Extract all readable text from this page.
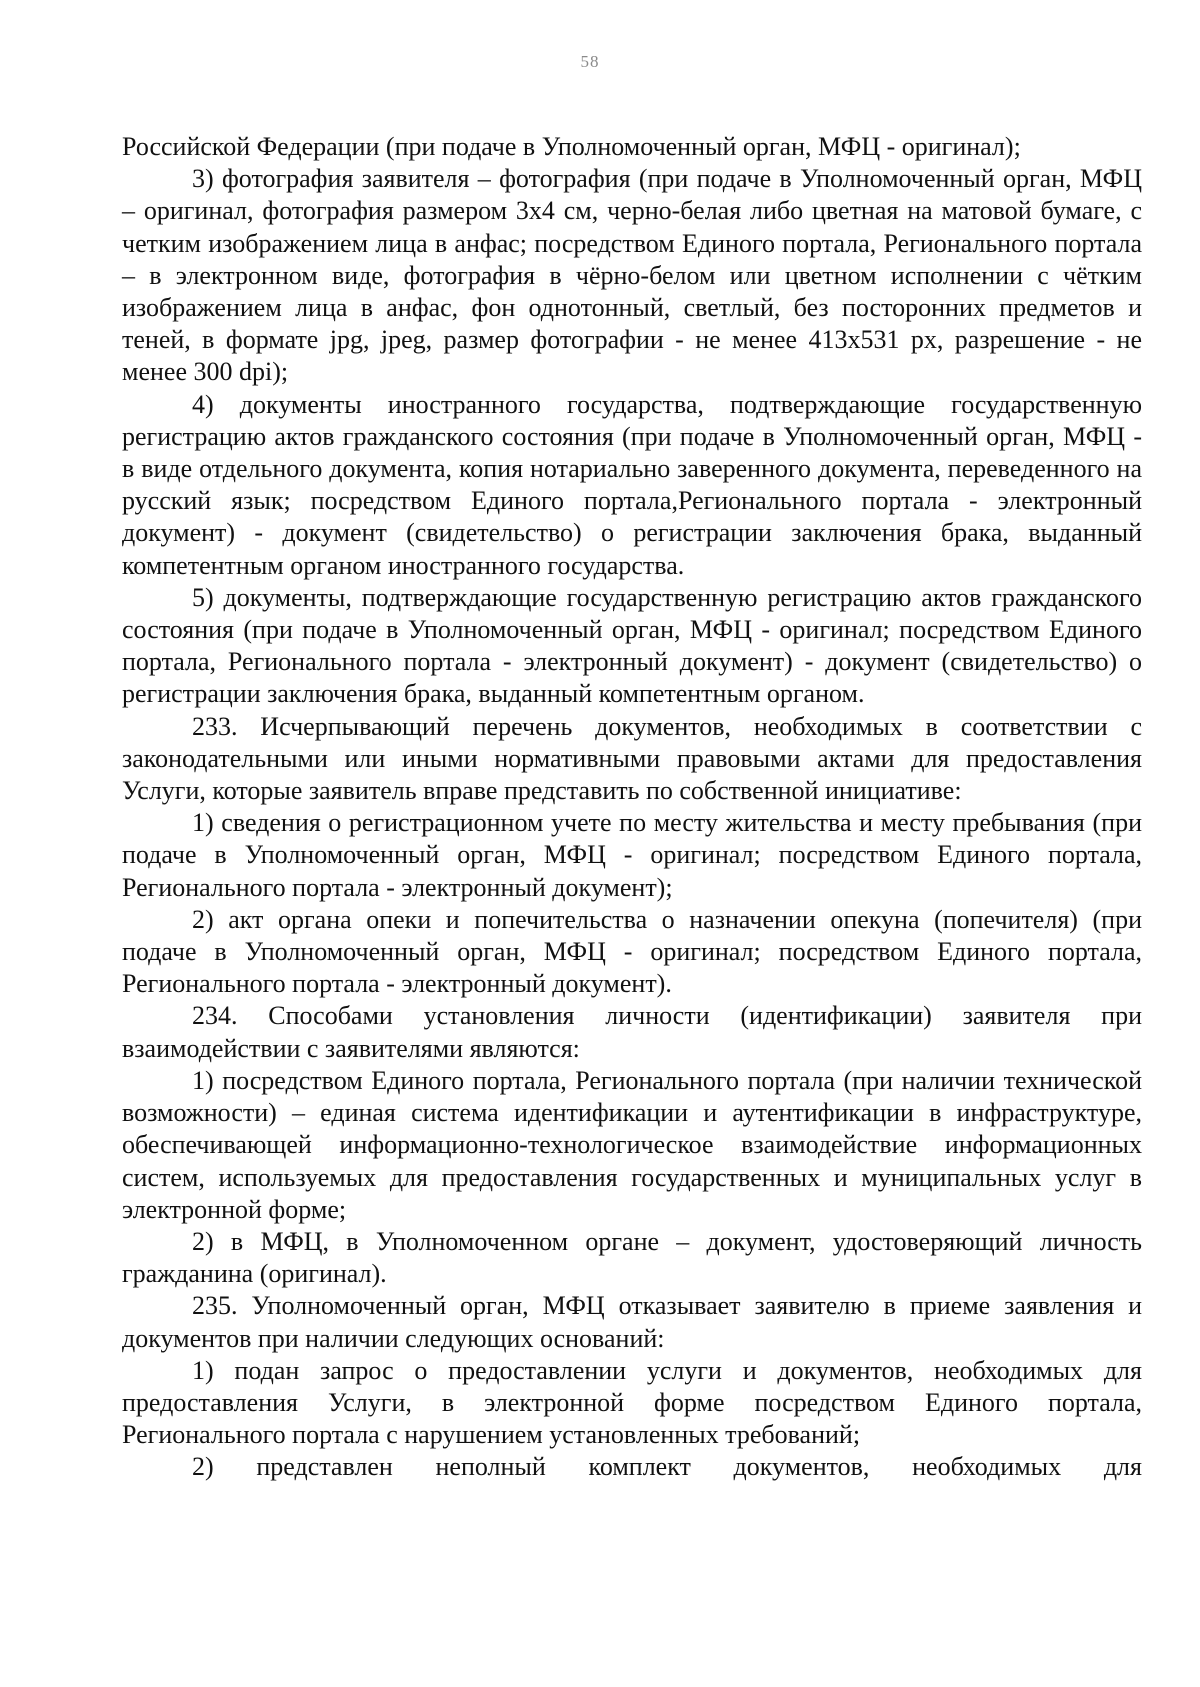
58

Российской Федерации (при подаче в Уполномоченный орган, МФЦ - оригинал);

3) фотография заявителя – фотография (при подаче в Уполномоченный орган, МФЦ – оригинал, фотография размером 3х4 см, черно-белая либо цветная на матовой бумаге, с четким изображением лица в анфас; посредством Единого портала, Регионального портала – в электронном виде, фотография в чёрно-белом или цветном исполнении с чётким изображением лица в анфас, фон однотонный, светлый, без посторонних предметов и теней, в формате jpg, jpeg, размер фотографии - не менее 413х531 px, разрешение - не менее 300 dpi);

4) документы иностранного государства, подтверждающие государственную регистрацию актов гражданского состояния (при подаче в Уполномоченный орган, МФЦ - в виде отдельного документа, копия нотариально заверенного документа, переведенного на русский язык; посредством Единого портала,Регионального портала - электронный документ) - документ (свидетельство) о регистрации заключения брака, выданный компетентным органом иностранного государства.

5) документы, подтверждающие государственную регистрацию актов гражданского состояния (при подаче в Уполномоченный орган, МФЦ - оригинал; посредством Единого портала, Регионального портала - электронный документ) - документ (свидетельство) о регистрации заключения брака, выданный компетентным органом.

233. Исчерпывающий перечень документов, необходимых в соответствии с законодательными или иными нормативными правовыми актами для предоставления Услуги, которые заявитель вправе представить по собственной инициативе:

1) сведения о регистрационном учете по месту жительства и месту пребывания (при подаче в Уполномоченный орган, МФЦ - оригинал; посредством Единого портала, Регионального портала - электронный документ);

2) акт органа опеки и попечительства о назначении опекуна (попечителя) (при подаче в Уполномоченный орган, МФЦ - оригинал; посредством Единого портала, Регионального портала - электронный документ).

234. Способами установления личности (идентификации) заявителя при взаимодействии с заявителями являются:

1) посредством Единого портала, Регионального портала (при наличии технической возможности) – единая система идентификации и аутентификации в инфраструктуре, обеспечивающей информационно-технологическое взаимодействие информационных систем, используемых для предоставления государственных и муниципальных услуг в электронной форме;

2) в МФЦ, в Уполномоченном органе – документ, удостоверяющий личность гражданина (оригинал).

235. Уполномоченный орган, МФЦ отказывает заявителю в приеме заявления и документов при наличии следующих оснований:

1) подан запрос о предоставлении услуги и документов, необходимых для предоставления Услуги, в электронной форме посредством Единого портала, Регионального портала с нарушением установленных требований;

2) представлен неполный комплект документов, необходимых для
